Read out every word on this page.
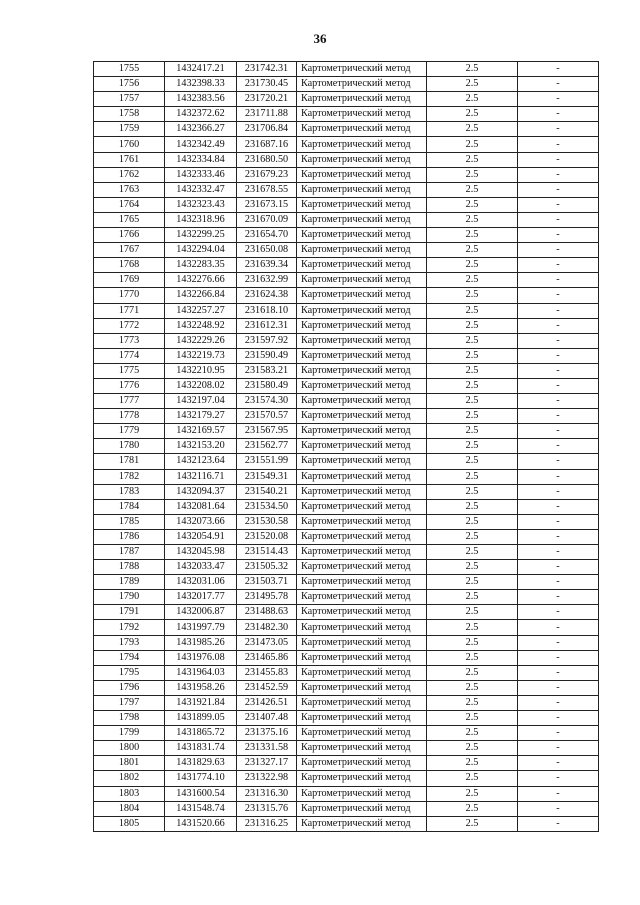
36
1755	1432417.21	231742.31	Картометрический метод	2.5	-
1756	1432398.33	231730.45	Картометрический метод	2.5	-
1757	1432383.56	231720.21	Картометрический метод	2.5	-
1758	1432372.62	231711.88	Картометрический метод	2.5	-
1759	1432366.27	231706.84	Картометрический метод	2.5	-
1760	1432342.49	231687.16	Картометрический метод	2.5	-
1761	1432334.84	231680.50	Картометрический метод	2.5	-
1762	1432333.46	231679.23	Картометрический метод	2.5	-
1763	1432332.47	231678.55	Картометрический метод	2.5	-
1764	1432323.43	231673.15	Картометрический метод	2.5	-
1765	1432318.96	231670.09	Картометрический метод	2.5	-
1766	1432299.25	231654.70	Картометрический метод	2.5	-
1767	1432294.04	231650.08	Картометрический метод	2.5	-
1768	1432283.35	231639.34	Картометрический метод	2.5	-
1769	1432276.66	231632.99	Картометрический метод	2.5	-
1770	1432266.84	231624.38	Картометрический метод	2.5	-
1771	1432257.27	231618.10	Картометрический метод	2.5	-
1772	1432248.92	231612.31	Картометрический метод	2.5	-
1773	1432229.26	231597.92	Картометрический метод	2.5	-
1774	1432219.73	231590.49	Картометрический метод	2.5	-
1775	1432210.95	231583.21	Картометрический метод	2.5	-
1776	1432208.02	231580.49	Картометрический метод	2.5	-
1777	1432197.04	231574.30	Картометрический метод	2.5	-
1778	1432179.27	231570.57	Картометрический метод	2.5	-
1779	1432169.57	231567.95	Картометрический метод	2.5	-
1780	1432153.20	231562.77	Картометрический метод	2.5	-
1781	1432123.64	231551.99	Картометрический метод	2.5	-
1782	1432116.71	231549.31	Картометрический метод	2.5	-
1783	1432094.37	231540.21	Картометрический метод	2.5	-
1784	1432081.64	231534.50	Картометрический метод	2.5	-
1785	1432073.66	231530.58	Картометрический метод	2.5	-
1786	1432054.91	231520.08	Картометрический метод	2.5	-
1787	1432045.98	231514.43	Картометрический метод	2.5	-
1788	1432033.47	231505.32	Картометрический метод	2.5	-
1789	1432031.06	231503.71	Картометрический метод	2.5	-
1790	1432017.77	231495.78	Картометрический метод	2.5	-
1791	1432006.87	231488.63	Картометрический метод	2.5	-
1792	1431997.79	231482.30	Картометрический метод	2.5	-
1793	1431985.26	231473.05	Картометрический метод	2.5	-
1794	1431976.08	231465.86	Картометрический метод	2.5	-
1795	1431964.03	231455.83	Картометрический метод	2.5	-
1796	1431958.26	231452.59	Картометрический метод	2.5	-
1797	1431921.84	231426.51	Картометрический метод	2.5	-
1798	1431899.05	231407.48	Картометрический метод	2.5	-
1799	1431865.72	231375.16	Картометрический метод	2.5	-
1800	1431831.74	231331.58	Картометрический метод	2.5	-
1801	1431829.63	231327.17	Картометрический метод	2.5	-
1802	1431774.10	231322.98	Картометрический метод	2.5	-
1803	1431600.54	231316.30	Картометрический метод	2.5	-
1804	1431548.74	231315.76	Картометрический метод	2.5	-
1805	1431520.66	231316.25	Картометрический метод	2.5	-
